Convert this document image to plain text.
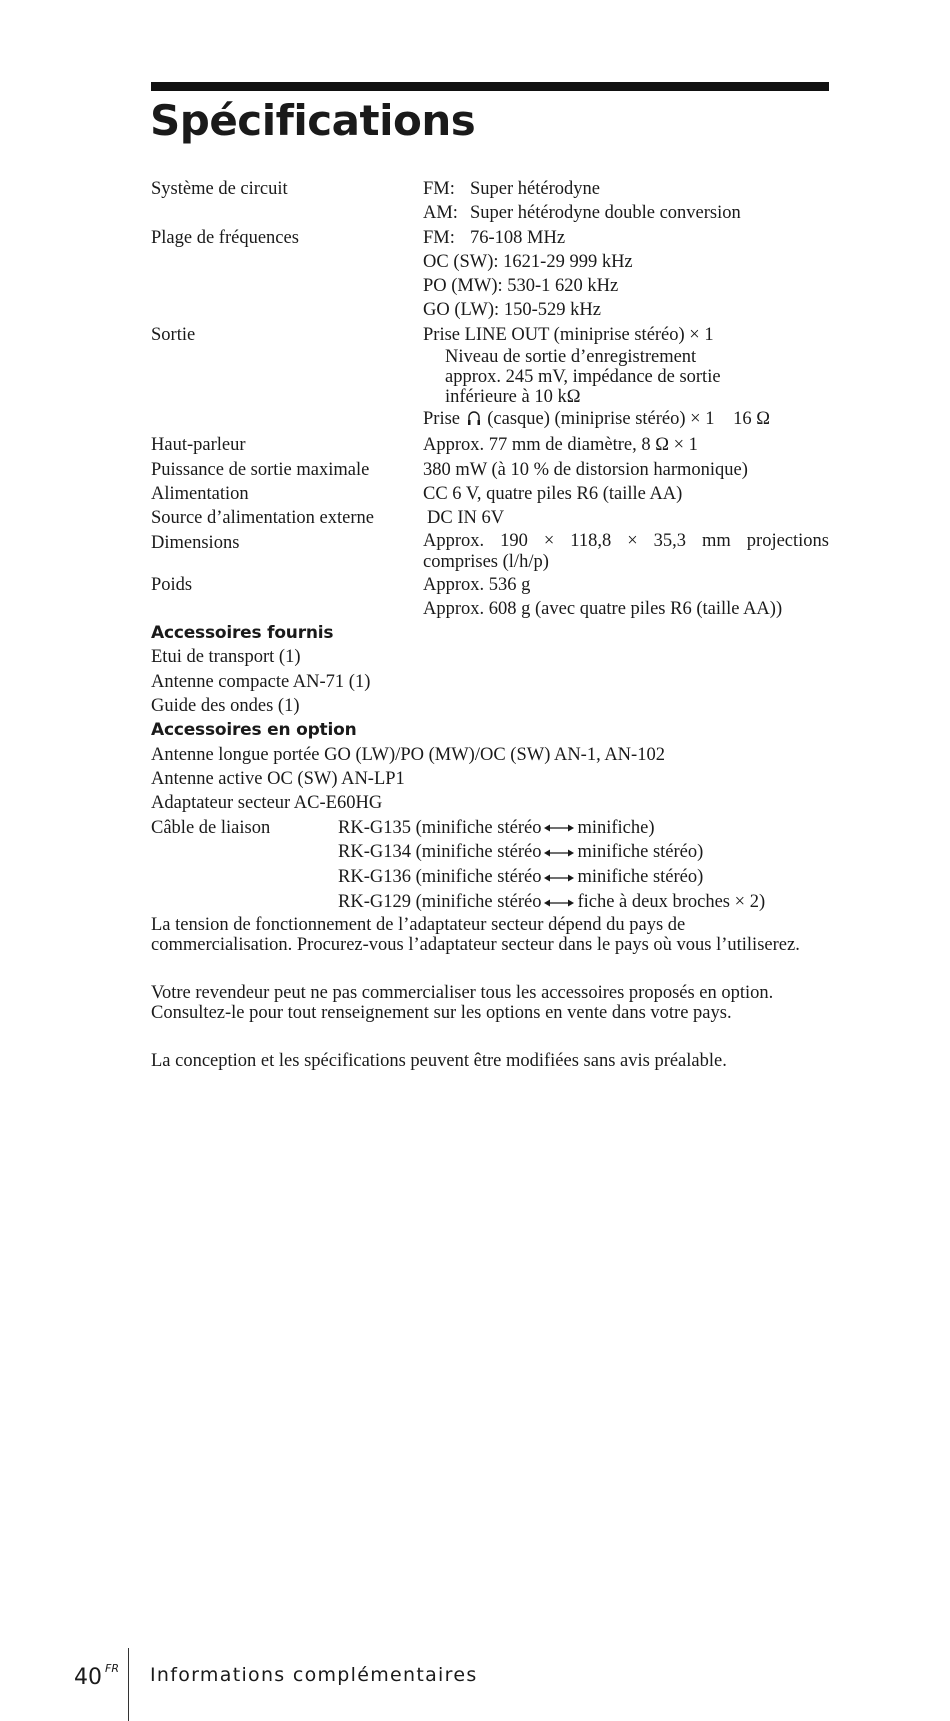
Spécifications
Système de circuit	FM: Super hétérodyne
AM: Super hétérodyne double conversion
Plage de fréquences	FM: 76-108 MHz
OC (SW): 1621-29 999 kHz
PO (MW): 530-1 620 kHz
GO (LW): 150-529 kHz
Sortie	Prise LINE OUT (miniprise stéréo) × 1
Niveau de sortie d’enregistrement
approx. 245 mV, impédance de sortie
inférieure à 10 kΩ
Prise (casque) (miniprise stéréo) × 1 16 Ω
Haut-parleur	Approx. 77 mm de diamètre, 8 Ω × 1
Puissance de sortie maximale	380 mW (à 10 % de distorsion harmonique)
Alimentation	CC 6 V, quatre piles R6 (taille AA)
Source d’alimentation externe	DC IN 6V
Dimensions	Approx. 190 × 118,8 × 35,3 mm projections comprises (l/h/p)
Poids	Approx. 536 g
Approx. 608 g (avec quatre piles R6 (taille AA))
Accessoires fournis
Etui de transport (1)
Antenne compacte AN-71 (1)
Guide des ondes (1)
Accessoires en option
Antenne longue portée GO (LW)/PO (MW)/OC (SW) AN-1, AN-102
Antenne active OC (SW) AN-LP1
Adaptateur secteur AC-E60HG
Câble de liaison	RK-G135 (minifiche stéréo minifiche)
RK-G134 (minifiche stéréo minifiche stéréo)
RK-G136 (minifiche stéréo minifiche stéréo)
RK-G129 (minifiche stéréo fiche à deux broches × 2)

La tension de fonctionnement de l’adaptateur secteur dépend du pays de commercialisation. Procurez-vous l’adaptateur secteur dans le pays où vous l’utiliserez.

Votre revendeur peut ne pas commercialiser tous les accessoires proposés en option. Consultez-le pour tout renseignement sur les options en vente dans votre pays.

La conception et les spécifications peuvent être modifiées sans avis préalable.

40 $^{FR}$ Informations complémentaires
